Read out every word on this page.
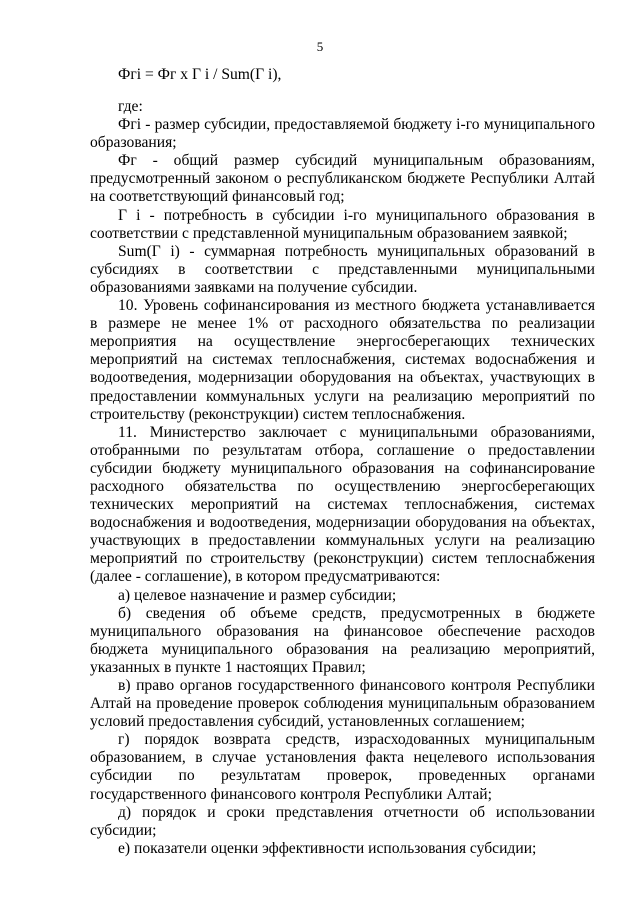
5
Фгi = Фг х Г i / Sum(Г i),

где:

Фгi - размер субсидии, предоставляемой бюджету i-го муниципального образования;

Фг - общий размер субсидий муниципальным образованиям, предусмотренный законом о республиканском бюджете Республики Алтай на соответствующий финансовый год;

Г i - потребность в субсидии i-го муниципального образования в соответствии с представленной муниципальным образованием заявкой;

Sum(Г i) - суммарная потребность муниципальных образований в субсидиях в соответствии с представленными муниципальными образованиями заявками на получение субсидии.

10. Уровень софинансирования из местного бюджета устанавливается в размере не менее 1% от расходного обязательства по реализации мероприятия на осуществление энергосберегающих технических мероприятий на системах теплоснабжения, системах водоснабжения и водоотведения, модернизации оборудования на объектах, участвующих в предоставлении коммунальных услуги на реализацию мероприятий по строительству (реконструкции) систем теплоснабжения.

11. Министерство заключает с муниципальными образованиями, отобранными по результатам отбора, соглашение о предоставлении субсидии бюджету муниципального образования на софинансирование расходного обязательства по осуществлению энергосберегающих технических мероприятий на системах теплоснабжения, системах водоснабжения и водоотведения, модернизации оборудования на объектах, участвующих в предоставлении коммунальных услуги на реализацию мероприятий по строительству (реконструкции) систем теплоснабжения (далее - соглашение), в котором предусматриваются:

а) целевое назначение и размер субсидии;

б) сведения об объеме средств, предусмотренных в бюджете муниципального образования на финансовое обеспечение расходов бюджета муниципального образования на реализацию мероприятий, указанных в пункте 1 настоящих Правил;

в) право органов государственного финансового контроля Республики Алтай на проведение проверок соблюдения муниципальным образованием условий предоставления субсидий, установленных соглашением;

г) порядок возврата средств, израсходованных муниципальным образованием, в случае установления факта нецелевого использования субсидии по результатам проверок, проведенных органами государственного финансового контроля Республики Алтай;

д) порядок и сроки представления отчетности об использовании субсидии;

е) показатели оценки эффективности использования субсидии;
